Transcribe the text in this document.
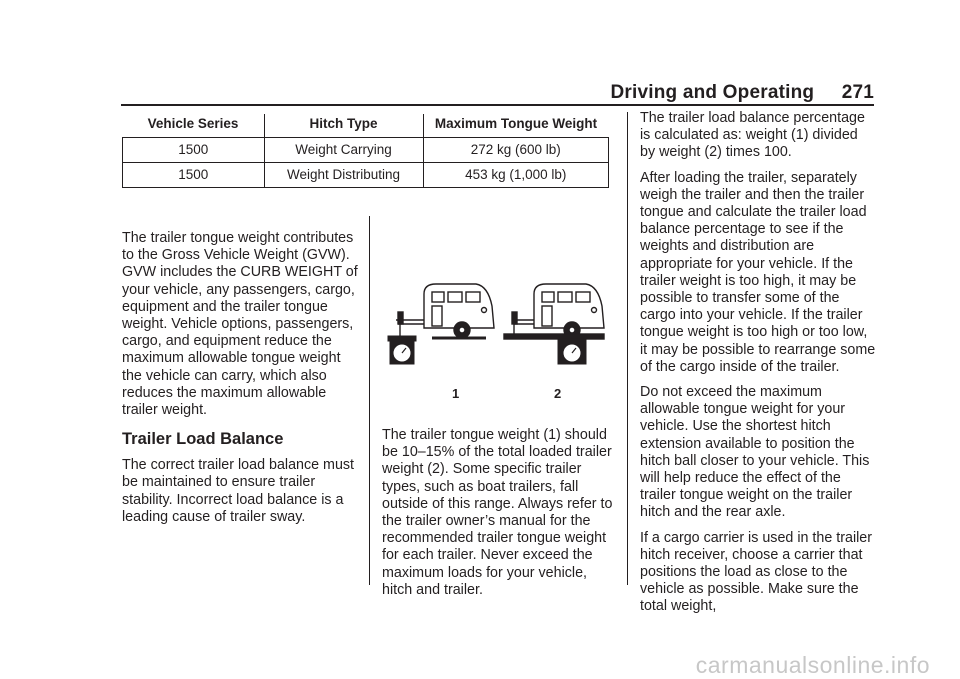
Driving and Operating 271
Vehicle Series	Hitch Type	Maximum Tongue Weight
1500	Weight Carrying	272 kg (600 lb)
1500	Weight Distributing	453 kg (1,000 lb)

The trailer tongue weight contributes to the Gross Vehicle Weight (GVW). GVW includes the CURB WEIGHT of your vehicle, any passengers, cargo, equipment and the trailer tongue weight. Vehicle options, passengers, cargo, and equipment reduce the maximum allowable tongue weight the vehicle can carry, which also reduces the maximum allowable trailer weight.

Trailer Load Balance

The correct trailer load balance must be maintained to ensure trailer stability. Incorrect load balance is a leading cause of trailer sway.

1	2

The trailer tongue weight (1) should be 10–15% of the total loaded trailer weight (2). Some specific trailer types, such as boat trailers, fall outside of this range. Always refer to the trailer owner’s manual for the recommended trailer tongue weight for each trailer. Never exceed the maximum loads for your vehicle, hitch and trailer.

The trailer load balance percentage is calculated as: weight (1) divided by weight (2) times 100.

After loading the trailer, separately weigh the trailer and then the trailer tongue and calculate the trailer load balance percentage to see if the weights and distribution are appropriate for your vehicle. If the trailer weight is too high, it may be possible to transfer some of the cargo into your vehicle. If the trailer tongue weight is too high or too low, it may be possible to rearrange some of the cargo inside of the trailer.

Do not exceed the maximum allowable tongue weight for your vehicle. Use the shortest hitch extension available to position the hitch ball closer to your vehicle. This will help reduce the effect of the trailer tongue weight on the trailer hitch and the rear axle.

If a cargo carrier is used in the trailer hitch receiver, choose a carrier that positions the load as close to the vehicle as possible. Make sure the total weight,

carmanualsonline.info
